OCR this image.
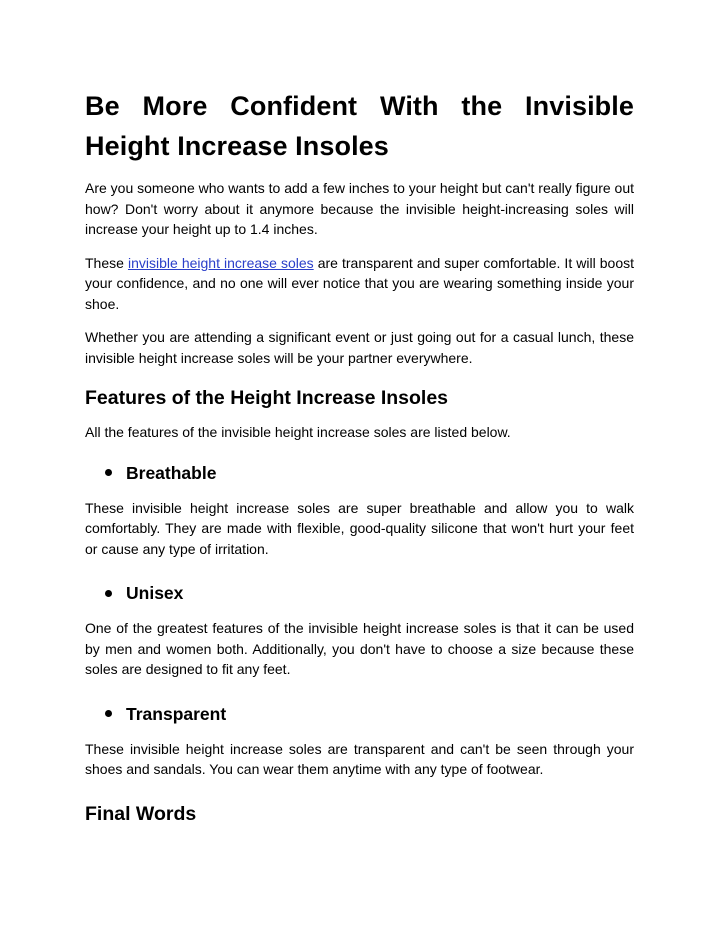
Be More Confident With the Invisible Height Increase Insoles

Are you someone who wants to add a few inches to your height but can't really figure out how? Don't worry about it anymore because the invisible height-increasing soles will increase your height up to 1.4 inches.

These invisible height increase soles are transparent and super comfortable. It will boost your confidence, and no one will ever notice that you are wearing something inside your shoe.

Whether you are attending a significant event or just going out for a casual lunch, these invisible height increase soles will be your partner everywhere.

Features of the Height Increase Insoles

All the features of the invisible height increase soles are listed below.

Breathable

These invisible height increase soles are super breathable and allow you to walk comfortably. They are made with flexible, good-quality silicone that won't hurt your feet or cause any type of irritation.

Unisex

One of the greatest features of the invisible height increase soles is that it can be used by men and women both. Additionally, you don't have to choose a size because these soles are designed to fit any feet.

Transparent

These invisible height increase soles are transparent and can't be seen through your shoes and sandals. You can wear them anytime with any type of footwear.

Final Words
